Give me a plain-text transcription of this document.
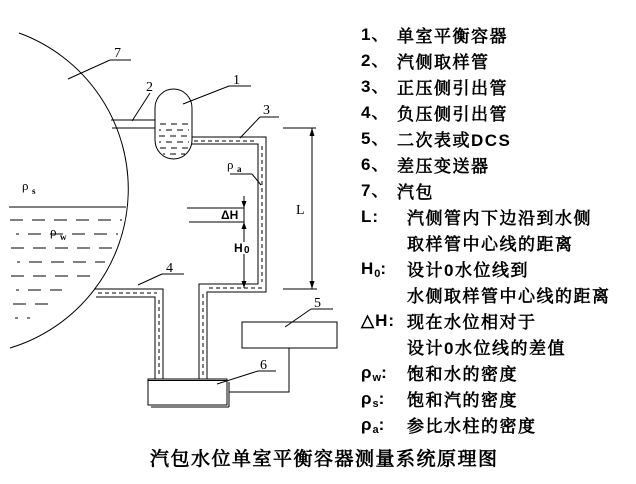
ρ s
ρ w
ρ a
ΔH
H 0
L
7
2	1
3
4
5
6
1、 单室平衡容器
2、 汽侧取样管
3、 正压侧引出管
4、 负压侧引出管
5、 二次表或DCS
6、 差压变送器
7、 汽包
L:	汽侧管内下边沿到水侧
取样管中心线的距离
H0:	设计0水位线到
水侧取样管中心线的距离
△H: 现在水位相对于
设计0水位线的差值
ρw:	饱和水的密度
ρs:	饱和汽的密度
ρa:	参比水柱的密度
汽包水位单室平衡容器测量系统原理图
